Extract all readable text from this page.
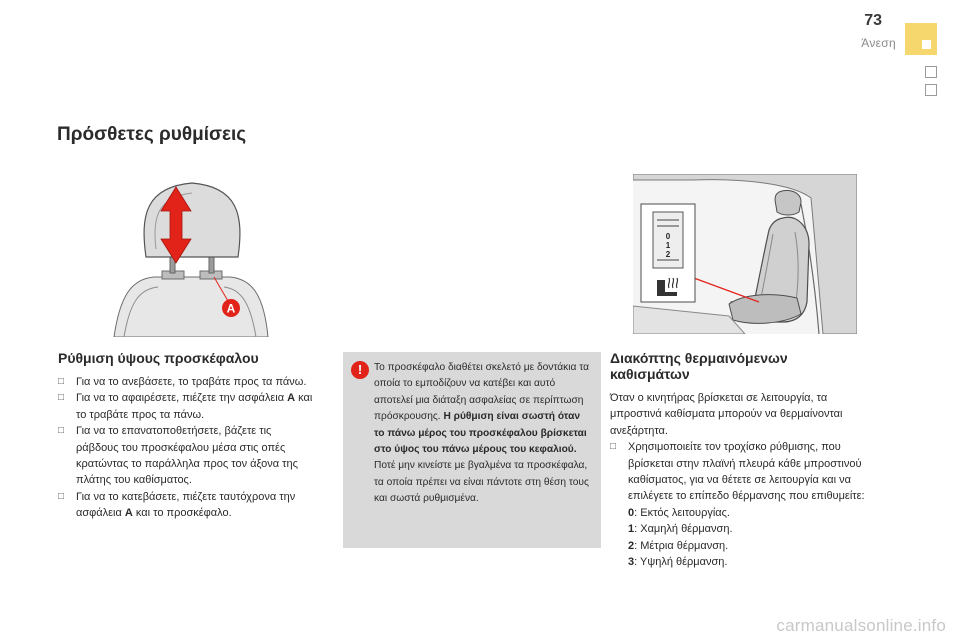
73
Άνεση
Πρόσθετες ρυθμίσεις
A
0
1
2
Ρύθμιση ύψους προσκέφαλου
□ Για να το ανεβάσετε, το τραβάτε προς τα πάνω.
□ Για να το αφαιρέσετε, πιέζετε την ασφάλεια A και το τραβάτε προς τα πάνω.
□ Για να το επανατοποθετήσετε, βάζετε τις ράβδους του προσκέφαλου μέσα στις οπές κρατώντας το παράλληλα προς τον άξονα της πλάτης του καθίσματος.
□ Για να το κατεβάσετε, πιέζετε ταυτόχρονα την ασφάλεια A και το προσκέφαλο.
!	Το προσκέφαλο διαθέτει σκελετό με δοντάκια τα οποία το εμποδίζουν να κατέβει και αυτό αποτελεί μια διάταξη ασφαλείας σε περίπτωση πρόσκρουσης. Η ρύθμιση είναι σωστή όταν το πάνω μέρος του προσκέφαλου βρίσκεται στο ύψος του πάνω μέρους του κεφαλιού. Ποτέ μην κινείστε με βγαλμένα τα προσκέφαλα, τα οποία πρέπει να είναι πάντοτε στη θέση τους και σωστά ρυθμισμένα.
Διακόπτης θερμαινόμενων
καθισμάτων

Όταν ο κινητήρας βρίσκεται σε λειτουργία, τα μπροστινά καθίσματα μπορούν να θερμαίνονται ανεξάρτητα.

□ Χρησιμοποιείτε τον τροχίσκο ρύθμισης, που βρίσκεται στην πλαϊνή πλευρά κάθε μπροστινού καθίσματος, για να θέτετε σε λειτουργία και να επιλέγετε το επίπεδο θέρμανσης που επιθυμείτε:
0: Εκτός λειτουργίας.
1: Χαμηλή θέρμανση.
2: Μέτρια θέρμανση.
3: Υψηλή θέρμανση.
carmanualsonline.info
